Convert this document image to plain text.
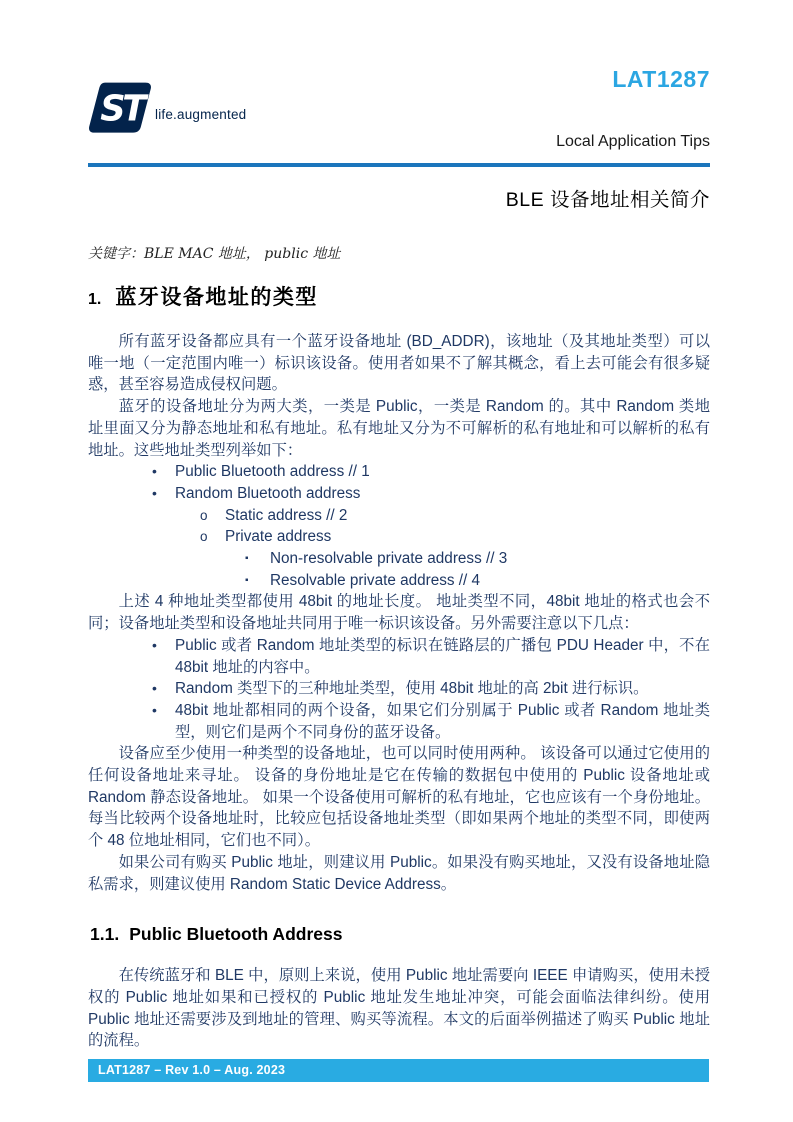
ST life.augmented
LAT1287
Local Application Tips
BLE 设备地址相关简介
关键字：BLE MAC 地址， public 地址
1. 蓝牙设备地址的类型

所有蓝牙设备都应具有一个蓝牙设备地址 (BD_ADDR)，该地址（及其地址类型）可以唯一地（一定范围内唯一）标识该设备。使用者如果不了解其概念，看上去可能会有很多疑惑，甚至容易造成侵权问题。

蓝牙的设备地址分为两大类，一类是 Public，一类是 Random 的。其中 Random 类地址里面又分为静态地址和私有地址。私有地址又分为不可解析的私有地址和可以解析的私有地址。这些地址类型列举如下：

•	Public Bluetooth address // 1
•	Random Bluetooth address
o	Static address // 2
o	Private address
▪	Non-resolvable private address // 3
▪	Resolvable private address // 4

上述 4 种地址类型都使用 48bit 的地址长度。 地址类型不同，48bit 地址的格式也会不同；设备地址类型和设备地址共同用于唯一标识该设备。另外需要注意以下几点：

•	Public 或者 Random 地址类型的标识在链路层的广播包 PDU Header 中，不在 48bit 地址的内容中。
•	Random 类型下的三种地址类型，使用 48bit 地址的高 2bit 进行标识。
•	48bit 地址都相同的两个设备，如果它们分别属于 Public 或者 Random 地址类型，则它们是两个不同身份的蓝牙设备。

设备应至少使用一种类型的设备地址，也可以同时使用两种。 该设备可以通过它使用的任何设备地址来寻址。 设备的身份地址是它在传输的数据包中使用的 Public 设备地址或 Random 静态设备地址。 如果一个设备使用可解析的私有地址，它也应该有一个身份地址。 每当比较两个设备地址时，比较应包括设备地址类型（即如果两个地址的类型不同，即使两个 48 位地址相同，它们也不同）。

如果公司有购买 Public 地址，则建议用 Public。如果没有购买地址，又没有设备地址隐私需求，则建议使用 Random Static Device Address。

1.1. Public Bluetooth Address

在传统蓝牙和 BLE 中，原则上来说，使用 Public 地址需要向 IEEE 申请购买，使用未授权的 Public 地址如果和已授权的 Public 地址发生地址冲突，可能会面临法律纠纷。使用 Public 地址还需要涉及到地址的管理、购买等流程。本文的后面举例描述了购买 Public 地址的流程。

LAT1287 – Rev 1.0 – Aug. 2023
